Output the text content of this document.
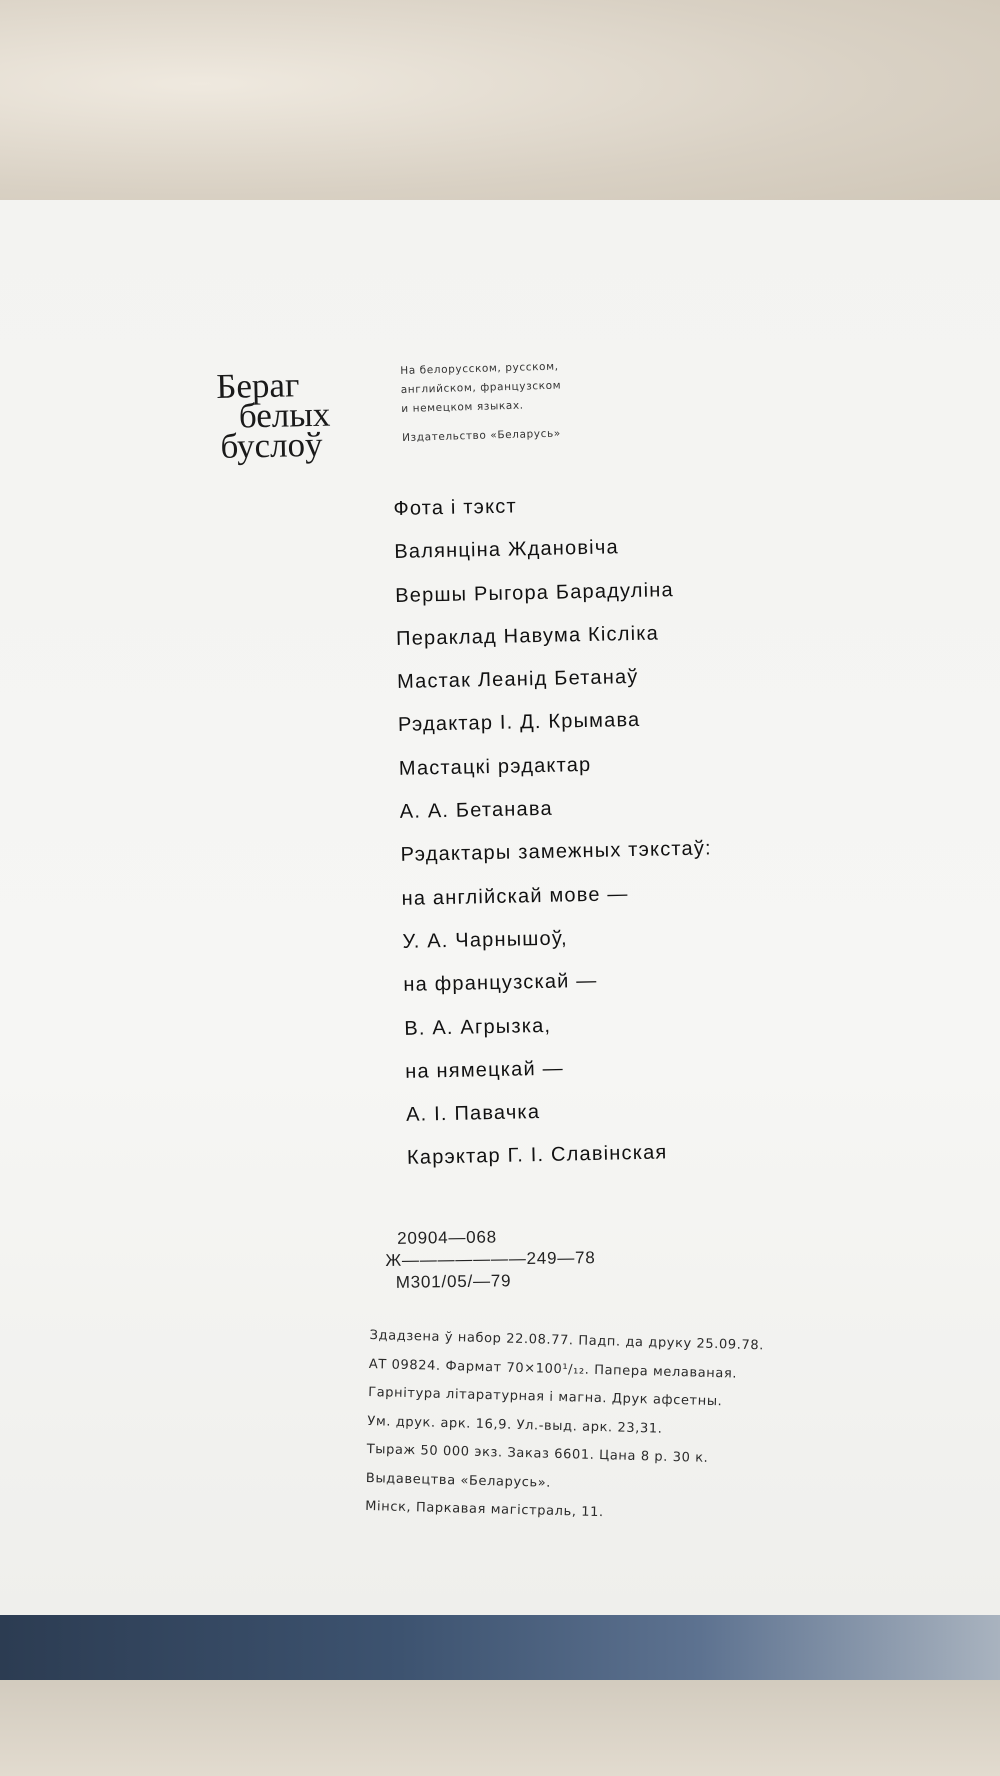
Бераг
белых
буслоў
На белорусском, русском,
английском, французском
и немецком языках.
Издательство «Беларусь»
Фота і тэкст
Валянціна Ждановіча
Вершы Рыгора Барадуліна
Пераклад Навума Кісліка
Мастак Леанід Бетанаў
Рэдактар І. Д. Крымава
Мастацкі рэдактар
А. А. Бетанава
Рэдактары замежных тэкстаў:
на англійскай мове —
У. А. Чарнышоў,
на французскай —
В. А. Агрызка,
на нямецкай —
А. І. Павачка
Карэктар Г. І. Славінская
20904—068
Ж———————249—78
М301/05/—79
Здадзена ў набор 22.08.77. Падп. да друку 25.09.78.
АТ 09824. Фармат 70×100¹/₁₂. Папера мелаваная.
Гарнітура літаратурная і магна. Друк афсетны.
Ум. друк. арк. 16,9. Ул.-выд. арк. 23,31.
Тыраж 50 000 экз. Заказ 6601. Цана 8 р. 30 к.
Выдавецтва «Беларусь».
Мінск, Паркавая магістраль, 11.
